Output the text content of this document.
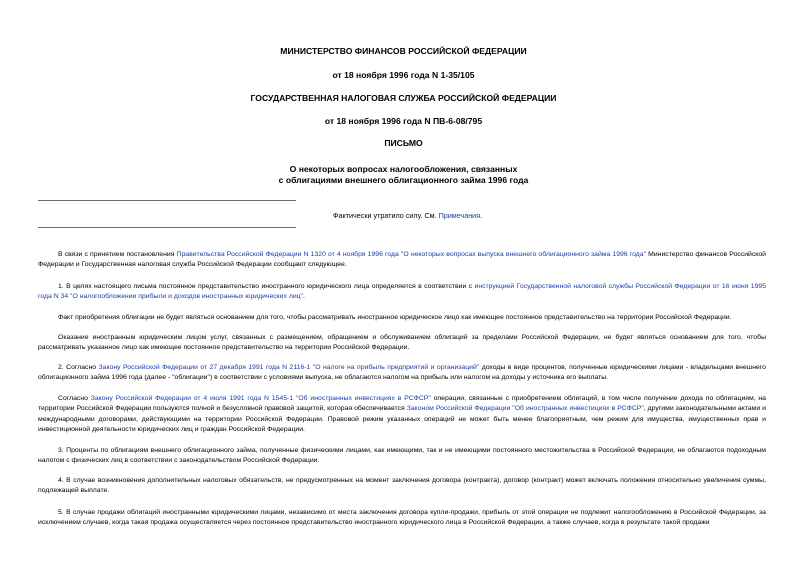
МИНИСТЕРСТВО ФИНАНСОВ РОССИЙСКОЙ ФЕДЕРАЦИИ
от 18 ноября 1996 года N 1-35/105
ГОСУДАРСТВЕННАЯ НАЛОГОВАЯ СЛУЖБА РОССИЙСКОЙ ФЕДЕРАЦИИ
от 18 ноября 1996 года N ПВ-6-08/795
ПИСЬМО
О некоторых вопросах налогообложения, связанных
с облигациями внешнего облигационного займа 1996 года
Фактически утратило силу. См. Примечания.
В связи с принятием постановления Правительства Российской Федерации N 1320 от 4 ноября 1996 года "О некоторых вопросах выпуска внешнего облигационного займа 1996 года" Министерство финансов Российской Федерации и Государственная налоговая служба Российской Федерации сообщают следующее.
1. В целях настоящего письма постоянное представительство иностранного юридического лица определяется в соответствии с инструкцией Государственной налоговой службы Российской Федерации от 16 июня 1995 года N 34 "О налогообложении прибыли и доходов иностранных юридических лиц".
Факт приобретения облигации не будет являться основанием для того, чтобы рассматривать иностранное юридическое лицо как имеющее постоянное представительство на территории Российской Федерации.
Оказание иностранным юридическим лицом услуг, связанных с размещением, обращением и обслуживанием облигаций за пределами Российской Федерации, не будет являться основанием для того, чтобы рассматривать указанное лицо как имеющее постоянное представительство на территории Российской Федерации.
2. Согласно Закону Российской Федерации от 27 декабря 1991 года N 2116-1 "О налоге на прибыль предприятий и организаций" доходы в виде процентов, полученные юридическими лицами - владельцами внешнего облигационного займа 1996 года (далее - "облигации") в соответствии с условиями выпуска, не облагаются налогом на прибыль или налогом на доходы у источника его выплаты.
Согласно Закону Российской Федерации от 4 июля 1991 года N 1545-1 "Об иностранных инвестициях в РСФСР" операции, связанные с приобретением облигаций, в том числе получение дохода по облигациям, на территории Российской Федерации пользуются полной и безусловной правовой защитой, которая обеспечивается Законом Российской Федерации "Об иностранных инвестициях в РСФСР", другими законодательными актами и международными договорами, действующими на территории Российской Федерации. Правовой режим указанных операций не может быть менее благоприятным, чем режим для имущества, имущественных прав и инвестиционной деятельности юридических лиц и граждан Российской Федерации.
3. Проценты по облигациям внешнего облигационного займа, полученные физическими лицами, как имеющими, так и не имеющими постоянного местожительства в Российской Федерации, не облагаются подоходным налогом с физических лиц в соответствии с законодательством Российской Федерации.
4. В случае возникновения дополнительных налоговых обязательств, не предусмотренных на момент заключения договора (контракта), договор (контракт) может включать положения относительно увеличения суммы, подлежащей выплате.
5. В случае продажи облигаций иностранными юридическими лицами, независимо от места заключения договора купли-продажи, прибыль от этой операции не подлежит налогообложению в Российской Федерации, за исключением случаев, когда такая продажа осуществляется через постоянное представительство иностранного юридического лица в Российской Федерации, а также случаев, когда в результате такой продажи
